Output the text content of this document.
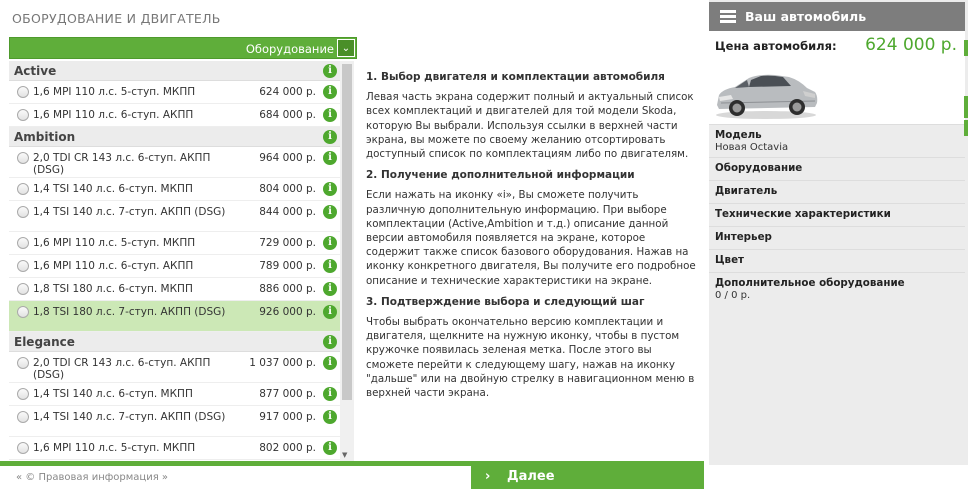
ОБОРУДОВАНИЕ И ДВИГАТЕЛЬ
Оборудование ⌄
Active	i
1,6 MPI 110 л.с. 5-ступ. МКПП	624 000 р.	i
1,6 MPI 110 л.с. 6-ступ. АКПП	684 000 р.	i
Ambition	i
2,0 TDI CR 143 л.с. 6-ступ. АКПП (DSG)
964 000 р.	i
1,4 TSI 140 л.с. 6-ступ. МКПП	804 000 р.	i
1,4 TSI 140 л.с. 7-ступ. АКПП (DSG)	844 000 р.	i
1,6 MPI 110 л.с. 5-ступ. МКПП	729 000 р.	i
1,6 MPI 110 л.с. 6-ступ. АКПП	789 000 р.	i
1,8 TSI 180 л.с. 6-ступ. МКПП	886 000 р.	i
1,8 TSI 180 л.с. 7-ступ. АКПП (DSG)	926 000 р.	i
Elegance	i
2,0 TDI CR 143 л.с. 6-ступ. АКПП (DSG)
1 037 000 р.	i
1,4 TSI 140 л.с. 6-ступ. МКПП	877 000 р.	i
1,4 TSI 140 л.с. 7-ступ. АКПП (DSG)	917 000 р.	i
1,6 MPI 110 л.с. 5-ступ. МКПП	802 000 р.	i
▼
1. Выбор двигателя и комплектации автомобиля

Левая часть экрана содержит полный и актуальный список всех комплектаций и двигателей для той модели Skoda, которую Вы выбрали. Используя ссылки в верхней части экрана, вы можете по своему желанию отсортировать доступный список по комплектациям либо по двигателям.

2. Получение дополнительной информации

Если нажать на иконку «i», Вы сможете получить различную дополнительную информацию. При выборе комплектации (Active,Ambition и т.д.) описание данной версии автомобиля появляется на экране, которое содержит также список базового оборудования. Нажав на иконку конкретного двигателя, Вы получите его подробное описание и технические характеристики на экране.

3. Подтверждение выбора и следующий шаг

Чтобы выбрать окончательно версию комплектации и двигателя, щелкните на нужную иконку, чтобы в пустом кружочке появилась зеленая метка. После этого вы сможете перейти к следующему шагу, нажав на иконку "дальше" или на двойную стрелку в навигационном меню в верхней части экрана.

Ваш автомобиль
Цена автомобиля: 624 000 р.
Модель
Новая Octavia
Оборудование
Двигатель
Технические характеристики
Интерьер
Цвет
Дополнительное оборудование
0 / 0 р.
« © Правовая информация »	› Далее
